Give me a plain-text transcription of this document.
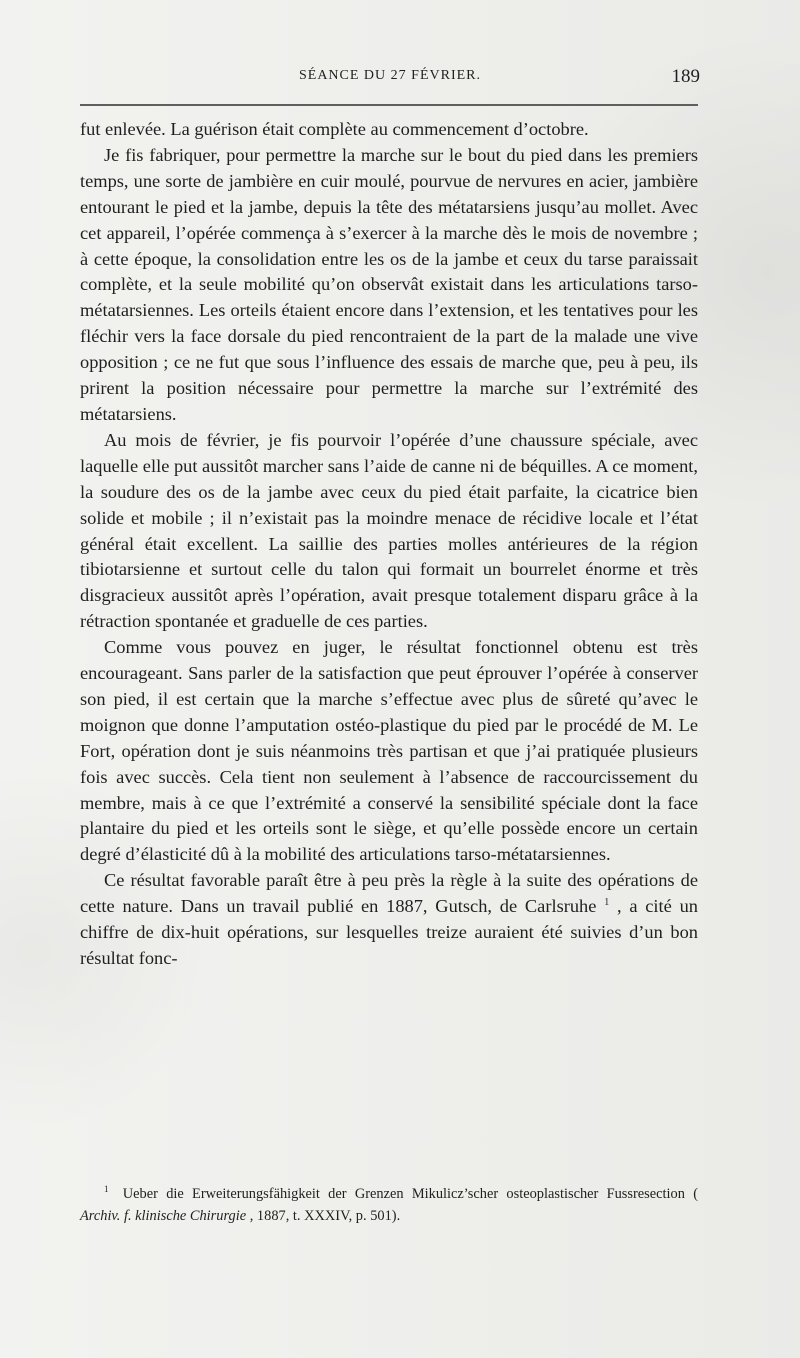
SÉANCE DU 27 FÉVRIER.	189

fut enlevée. La guérison était complète au commencement d’octobre.

Je fis fabriquer, pour permettre la marche sur le bout du pied dans les premiers temps, une sorte de jambière en cuir moulé, pourvue de nervures en acier, jambière entourant le pied et la jambe, depuis la tête des métatarsiens jusqu’au mollet. Avec cet appareil, l’opérée commença à s’exercer à la marche dès le mois de novembre ; à cette époque, la consolidation entre les os de la jambe et ceux du tarse paraissait complète, et la seule mobilité qu’on observât existait dans les articulations tarso-métatarsiennes. Les orteils étaient encore dans l’extension, et les tentatives pour les fléchir vers la face dorsale du pied rencontraient de la part de la malade une vive opposition ; ce ne fut que sous l’influence des essais de marche que, peu à peu, ils prirent la position nécessaire pour permettre la marche sur l’extrémité des métatarsiens.

Au mois de février, je fis pourvoir l’opérée d’une chaussure spéciale, avec laquelle elle put aussitôt marcher sans l’aide de canne ni de béquilles. A ce moment, la soudure des os de la jambe avec ceux du pied était parfaite, la cicatrice bien solide et mobile ; il n’existait pas la moindre menace de récidive locale et l’état général était excellent. La saillie des parties molles antérieures de la région tibiotarsienne et surtout celle du talon qui formait un bourrelet énorme et très disgracieux aussitôt après l’opération, avait presque totalement disparu grâce à la rétraction spontanée et graduelle de ces parties.

Comme vous pouvez en juger, le résultat fonctionnel obtenu est très encourageant. Sans parler de la satisfaction que peut éprouver l’opérée à conserver son pied, il est certain que la marche s’effectue avec plus de sûreté qu’avec le moignon que donne l’amputation ostéo-plastique du pied par le procédé de M. Le Fort, opération dont je suis néanmoins très partisan et que j’ai pratiquée plusieurs fois avec succès. Cela tient non seulement à l’absence de raccourcissement du membre, mais à ce que l’extrémité a conservé la sensibilité spéciale dont la face plantaire du pied et les orteils sont le siège, et qu’elle possède encore un certain degré d’élasticité dû à la mobilité des articulations tarso-métatarsiennes.

Ce résultat favorable paraît être à peu près la règle à la suite des opérations de cette nature. Dans un travail publié en 1887, Gutsch, de Carlsruhe $^1$ , a cité un chiffre de dix-huit opérations, sur lesquelles treize auraient été suivies d’un bon résultat fonc-

$^1$ Ueber die Erweiterungsfähigkeit der Grenzen Mikulicz’scher osteoplastischer Fussresection ( Archiv. f. klinische Chirurgie , 1887, t. XXXIV, p. 501).
